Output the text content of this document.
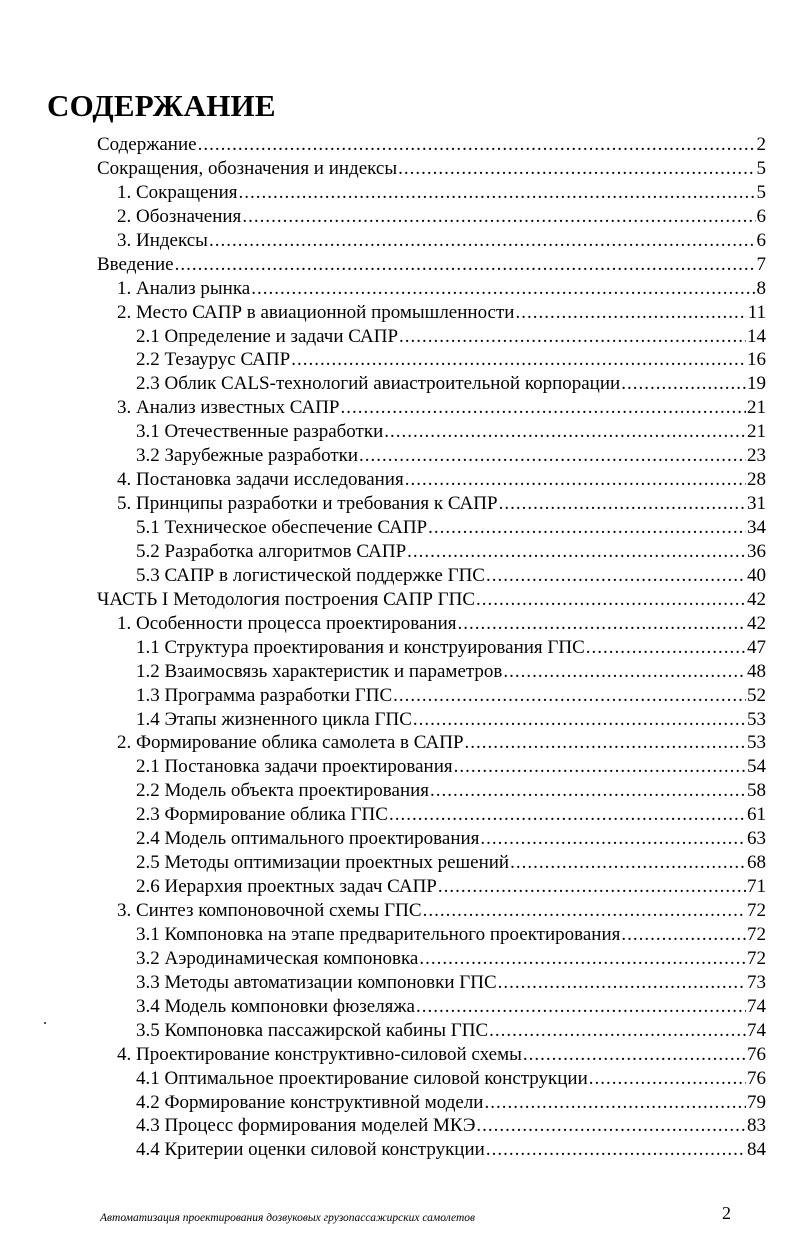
СОДЕРЖАНИЕ
Содержание .....	2
Сокращения, обозначения и индексы .....	5
1. Сокращения .....	5
2. Обозначения .....	6
3. Индексы .....	6
Введение .....	7
1. Анализ рынка .....	8
2. Место САПР в авиационной промышленности .....	11
2.1 Определение и задачи САПР .....	14
2.2 Тезаурус САПР .....	16
2.3 Облик CALS-технологий авиастроительной корпорации .....	19
3. Анализ известных САПР .....	21
3.1 Отечественные разработки .....	21
3.2 Зарубежные разработки .....	23
4. Постановка задачи исследования .....	28
5. Принципы разработки и требования к САПР .....	31
5.1 Техническое обеспечение САПР .....	34
5.2 Разработка алгоритмов САПР .....	36
5.3 САПР в логистической поддержке ГПС .....	40
ЧАСТЬ I Методология построения САПР ГПС .....	42
1. Особенности процесса проектирования .....	42
1.1 Структура проектирования и конструирования ГПС .....	47
1.2 Взаимосвязь характеристик и параметров .....	48
1.3 Программа разработки ГПС .....	52
1.4 Этапы жизненного цикла ГПС .....	53
2. Формирование облика самолета в САПР .....	53
2.1 Постановка задачи проектирования .....	54
2.2 Модель объекта проектирования .....	58
2.3 Формирование облика ГПС .....	61
2.4 Модель оптимального проектирования .....	63
2.5 Методы оптимизации проектных решений .....	68
2.6 Иерархия проектных задач САПР .....	71
3. Синтез компоновочной схемы ГПС .....	72
3.1 Компоновка на этапе предварительного проектирования .....	72
3.2 Аэродинамическая компоновка .....	72
3.3 Методы автоматизации компоновки ГПС .....	73
3.4 Модель компоновки фюзеляжа .....	74
3.5 Компоновка пассажирской кабины ГПС .....	74
4. Проектирование конструктивно-силовой схемы .....	76
4.1 Оптимальное проектирование силовой конструкции .....	76
4.2 Формирование конструктивной модели .....	79
4.3 Процесс формирования моделей МКЭ .....	83
4.4 Критерии оценки силовой конструкции .....	84
Автоматизация проектирования дозвуковых грузопассажирских самолетов	2
